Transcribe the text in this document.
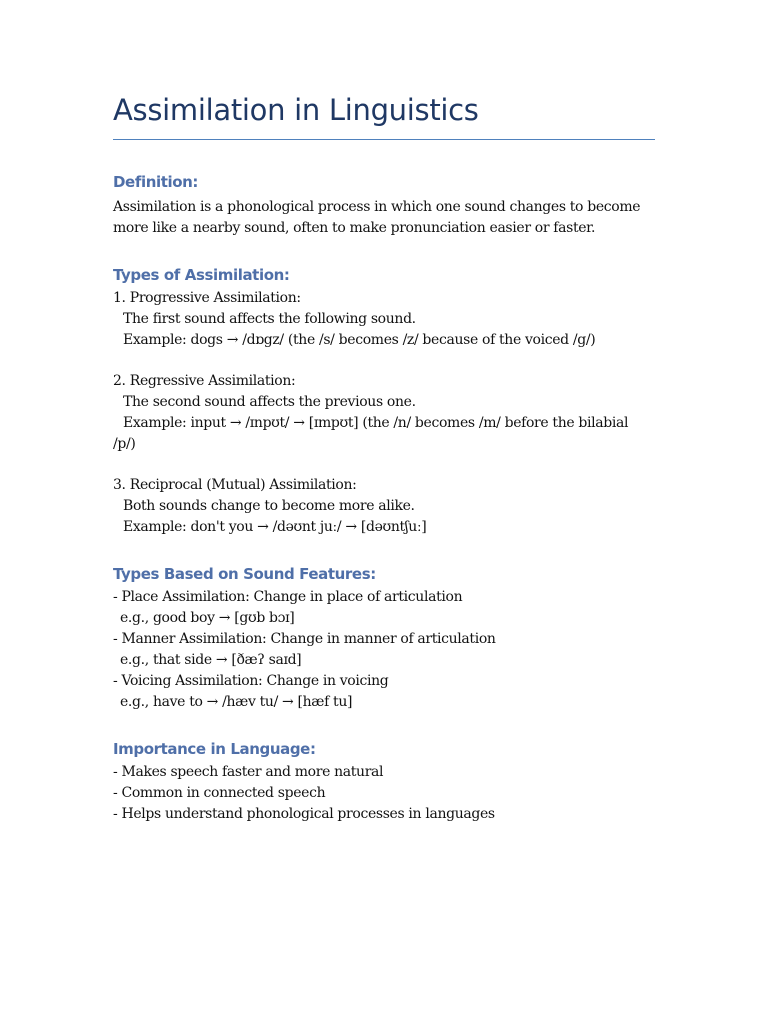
Assimilation in Linguistics
Definition:

Assimilation is a phonological process in which one sound changes to become more like a nearby sound, often to make pronunciation easier or faster.

Types of Assimilation:
1. Progressive Assimilation:
The first sound affects the following sound.
Example: dogs → /dɒgz/ (the /s/ becomes /z/ because of the voiced /g/)
2. Regressive Assimilation:
The second sound affects the previous one.
Example: input → /ɪnpʊt/ → [ɪmpʊt] (the /n/ becomes /m/ before the bilabial
/p/)
3. Reciprocal (Mutual) Assimilation:
Both sounds change to become more alike.
Example: don't you → /dəʊnt juː/ → [dəʊntʃuː]
Types Based on Sound Features:
- Place Assimilation: Change in place of articulation
e.g., good boy → [gʊb bɔɪ]
- Manner Assimilation: Change in manner of articulation
e.g., that side → [ðæʔ saɪd]
- Voicing Assimilation: Change in voicing
e.g., have to → /hæv tu/ → [hæf tu]
Importance in Language:
- Makes speech faster and more natural
- Common in connected speech
- Helps understand phonological processes in languages
